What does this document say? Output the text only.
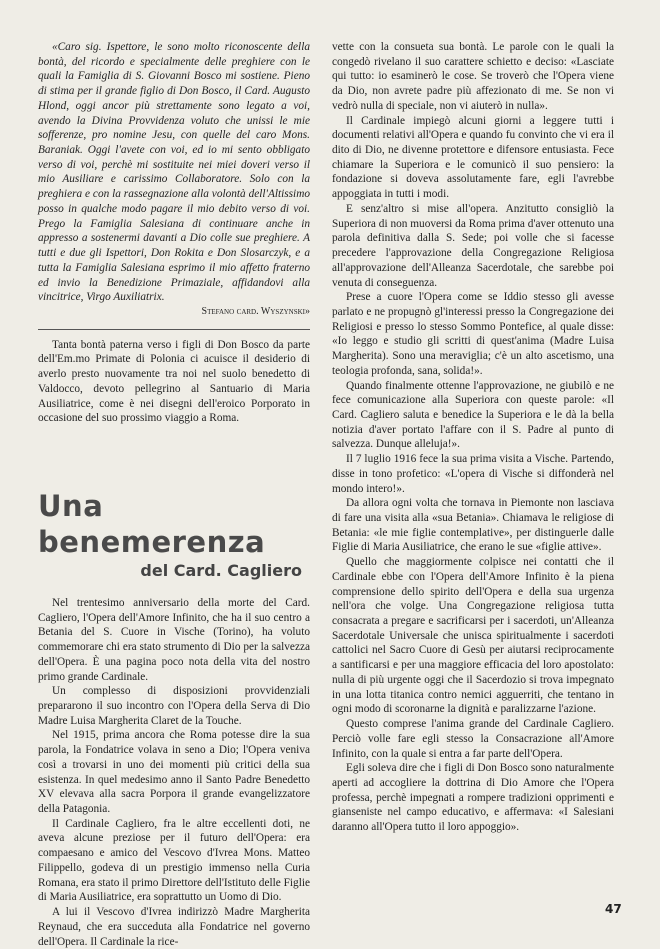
«Caro sig. Ispettore, le sono molto riconoscente della bontà, del ricordo e specialmente delle preghiere con le quali la Famiglia di S. Giovanni Bosco mi sostiene. Pieno di stima per il grande figlio di Don Bosco, il Card. Augusto Hlond, oggi ancor più strettamente sono legato a voi, avendo la Divina Provvidenza voluto che unissi le mie sofferenze, pro nomine Jesu, con quelle del caro Mons. Baraniak. Oggi l'avete con voi, ed io mi sento obbligato verso di voi, perchè mi sostituite nei miei doveri verso il mio Ausiliare e carissimo Collaboratore. Solo con la preghiera e con la rassegnazione alla volontà dell'Altissimo posso in qualche modo pagare il mio debito verso di voi. Prego la Famiglia Salesiana di continuare anche in appresso a sostenermi davanti a Dio colle sue preghiere. A tutti e due gli Ispettori, Don Rokita e Don Slosarczyk, e a tutta la Famiglia Salesiana esprimo il mio affetto fraterno ed invio la Benedizione Primaziale, affidandovi alla vincitrice, Virgo Auxiliatrix.

Stefano card. Wyszynski»

Tanta bontà paterna verso i figli di Don Bosco da parte dell'Em.mo Primate di Polonia ci acuisce il desiderio di averlo presto nuovamente tra noi nel suolo benedetto di Valdocco, devoto pellegrino al Santuario di Maria Ausiliatrice, come è nei disegni dell'eroico Porporato in occasione del suo prossimo viaggio a Roma.

Una benemerenza
del Card. Cagliero

Nel trentesimo anniversario della morte del Card. Cagliero, l'Opera dell'Amore Infinito, che ha il suo centro a Betania del S. Cuore in Vische (Torino), ha voluto commemorare chi era stato strumento di Dio per la salvezza dell'Opera. È una pagina poco nota della vita del nostro primo grande Cardinale.

Un complesso di disposizioni provvidenziali prepararono il suo incontro con l'Opera della Serva di Dio Madre Luisa Margherita Claret de la Touche.

Nel 1915, prima ancora che Roma potesse dire la sua parola, la Fondatrice volava in seno a Dio; l'Opera veniva così a trovarsi in uno dei momenti più critici della sua esistenza. In quel medesimo anno il Santo Padre Benedetto XV elevava alla sacra Porpora il grande evangelizzatore della Patagonia.

Il Cardinale Cagliero, fra le altre eccellenti doti, ne aveva alcune preziose per il futuro dell'Opera: era compaesano e amico del Vescovo d'Ivrea Mons. Matteo Filippello, godeva di un prestigio immenso nella Curia Romana, era stato il primo Direttore dell'Istituto delle Figlie di Maria Ausiliatrice, era soprattutto un Uomo di Dio.

A lui il Vescovo d'Ivrea indirizzò Madre Margherita Reynaud, che era succeduta alla Fondatrice nel governo dell'Opera. Il Cardinale la rice-

vette con la consueta sua bontà. Le parole con le quali la congedò rivelano il suo carattere schietto e deciso: «Lasciate qui tutto: io esaminerò le cose. Se troverò che l'Opera viene da Dio, non avrete padre più affezionato di me. Se non vi vedrò nulla di speciale, non vi aiuterò in nulla».

Il Cardinale impiegò alcuni giorni a leggere tutti i documenti relativi all'Opera e quando fu convinto che vi era il dito di Dio, ne divenne protettore e difensore entusiasta. Fece chiamare la Superiora e le comunicò il suo pensiero: la fondazione si doveva assolutamente fare, egli l'avrebbe appoggiata in tutti i modi.

E senz'altro si mise all'opera. Anzitutto consigliò la Superiora di non muoversi da Roma prima d'aver ottenuto una parola definitiva dalla S. Sede; poi volle che si facesse precedere l'approvazione della Congregazione Religiosa all'approvazione dell'Alleanza Sacerdotale, che sarebbe poi venuta di conseguenza.

Prese a cuore l'Opera come se Iddio stesso gli avesse parlato e ne propugnò gl'interessi presso la Congregazione dei Religiosi e presso lo stesso Sommo Pontefice, al quale disse: «Io leggo e studio gli scritti di quest'anima (Madre Luisa Margherita). Sono una meraviglia; c'è un alto ascetismo, una teologia profonda, sana, solida!».

Quando finalmente ottenne l'approvazione, ne giubilò e ne fece comunicazione alla Superiora con queste parole: «Il Card. Cagliero saluta e benedice la Superiora e le dà la bella notizia d'aver portato l'affare con il S. Padre al punto di salvezza. Dunque alleluja!».

Il 7 luglio 1916 fece la sua prima visita a Vische. Partendo, disse in tono profetico: «L'opera di Vische si diffonderà nel mondo intero!».

Da allora ogni volta che tornava in Piemonte non lasciava di fare una visita alla «sua Betania». Chiamava le religiose di Betania: «le mie figlie contemplative», per distinguerle dalle Figlie di Maria Ausiliatrice, che erano le sue «figlie attive».

Quello che maggiormente colpisce nei contatti che il Cardinale ebbe con l'Opera dell'Amore Infinito è la piena comprensione dello spirito dell'Opera e della sua urgenza nell'ora che volge. Una Congregazione religiosa tutta consacrata a pregare e sacrificarsi per i sacerdoti, un'Alleanza Sacerdotale Universale che unisca spiritualmente i sacerdoti cattolici nel Sacro Cuore di Gesù per aiutarsi reciprocamente a santificarsi e per una maggiore efficacia del loro apostolato: nulla di più urgente oggi che il Sacerdozio si trova impegnato in una lotta titanica contro nemici agguerriti, che tentano in ogni modo di scoronarne la dignità e paralizzarne l'azione.

Questo comprese l'anima grande del Cardinale Cagliero. Perciò volle fare egli stesso la Consacrazione all'Amore Infinito, con la quale si entra a far parte dell'Opera.

Egli soleva dire che i figli di Don Bosco sono naturalmente aperti ad accogliere la dottrina di Dio Amore che l'Opera professa, perchè impegnati a rompere tradizioni opprimenti e giansenistе nel campo educativo, e affermava: «I Salesiani daranno all'Opera tutto il loro appoggio».

47
